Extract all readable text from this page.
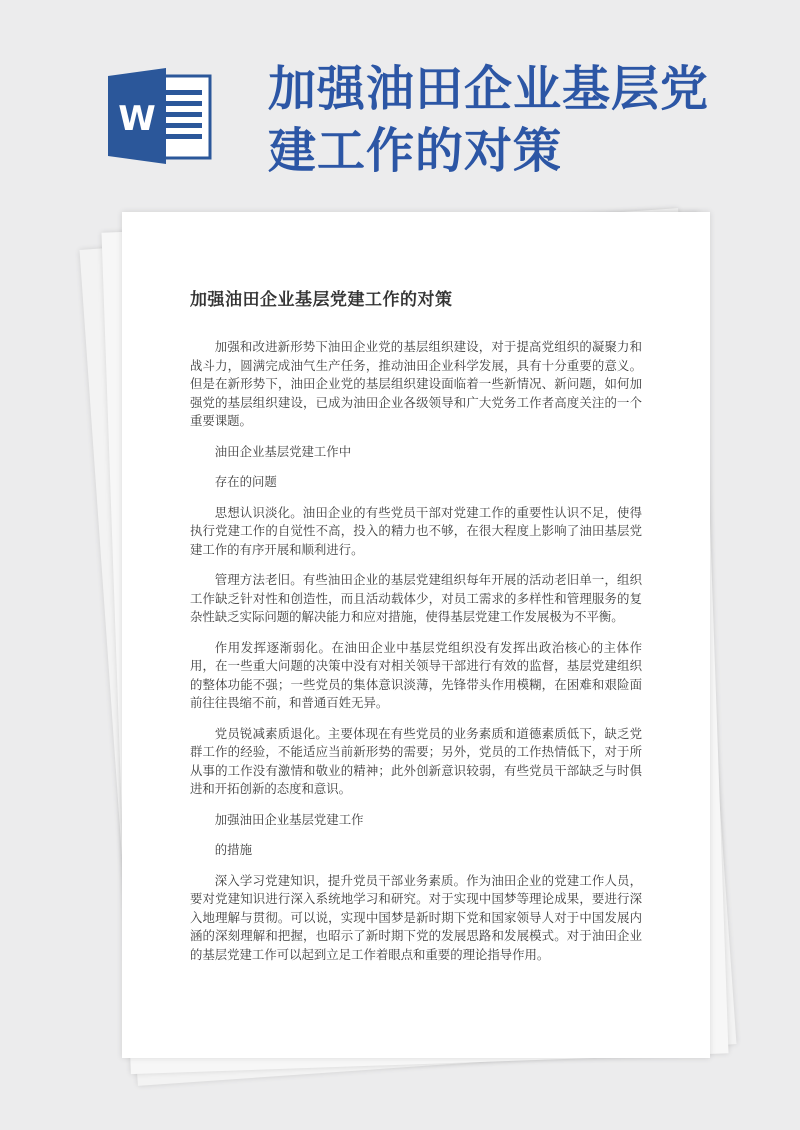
W
加强油田企业基层党建工作的对策
加强油田企业基层党建工作的对策

加强和改进新形势下油田企业党的基层组织建设，对于提高党组织的凝聚力和战斗力，圆满完成油气生产任务，推动油田企业科学发展，具有十分重要的意义。但是在新形势下，油田企业党的基层组织建设面临着一些新情况、新问题，如何加强党的基层组织建设，已成为油田企业各级领导和广大党务工作者高度关注的一个重要课题。

油田企业基层党建工作中

存在的问题

思想认识淡化。油田企业的有些党员干部对党建工作的重要性认识不足，使得执行党建工作的自觉性不高，投入的精力也不够，在很大程度上影响了油田基层党建工作的有序开展和顺利进行。

管理方法老旧。有些油田企业的基层党建组织每年开展的活动老旧单一，组织工作缺乏针对性和创造性，而且活动载体少，对员工需求的多样性和管理服务的复杂性缺乏实际问题的解决能力和应对措施，使得基层党建工作发展极为不平衡。

作用发挥逐渐弱化。在油田企业中基层党组织没有发挥出政治核心的主体作用，在一些重大问题的决策中没有对相关领导干部进行有效的监督，基层党建组织的整体功能不强；一些党员的集体意识淡薄，先锋带头作用模糊，在困难和艰险面前往往畏缩不前，和普通百姓无异。

党员锐减素质退化。主要体现在有些党员的业务素质和道德素质低下，缺乏党群工作的经验，不能适应当前新形势的需要；另外，党员的工作热情低下，对于所从事的工作没有激情和敬业的精神；此外创新意识较弱，有些党员干部缺乏与时俱进和开拓创新的态度和意识。

加强油田企业基层党建工作

的措施

深入学习党建知识，提升党员干部业务素质。作为油田企业的党建工作人员，要对党建知识进行深入系统地学习和研究。对于实现中国梦等理论成果，要进行深入地理解与贯彻。可以说，实现中国梦是新时期下党和国家领导人对于中国发展内涵的深刻理解和把握，也昭示了新时期下党的发展思路和发展模式。对于油田企业的基层党建工作可以起到立足工作着眼点和重要的理论指导作用。
